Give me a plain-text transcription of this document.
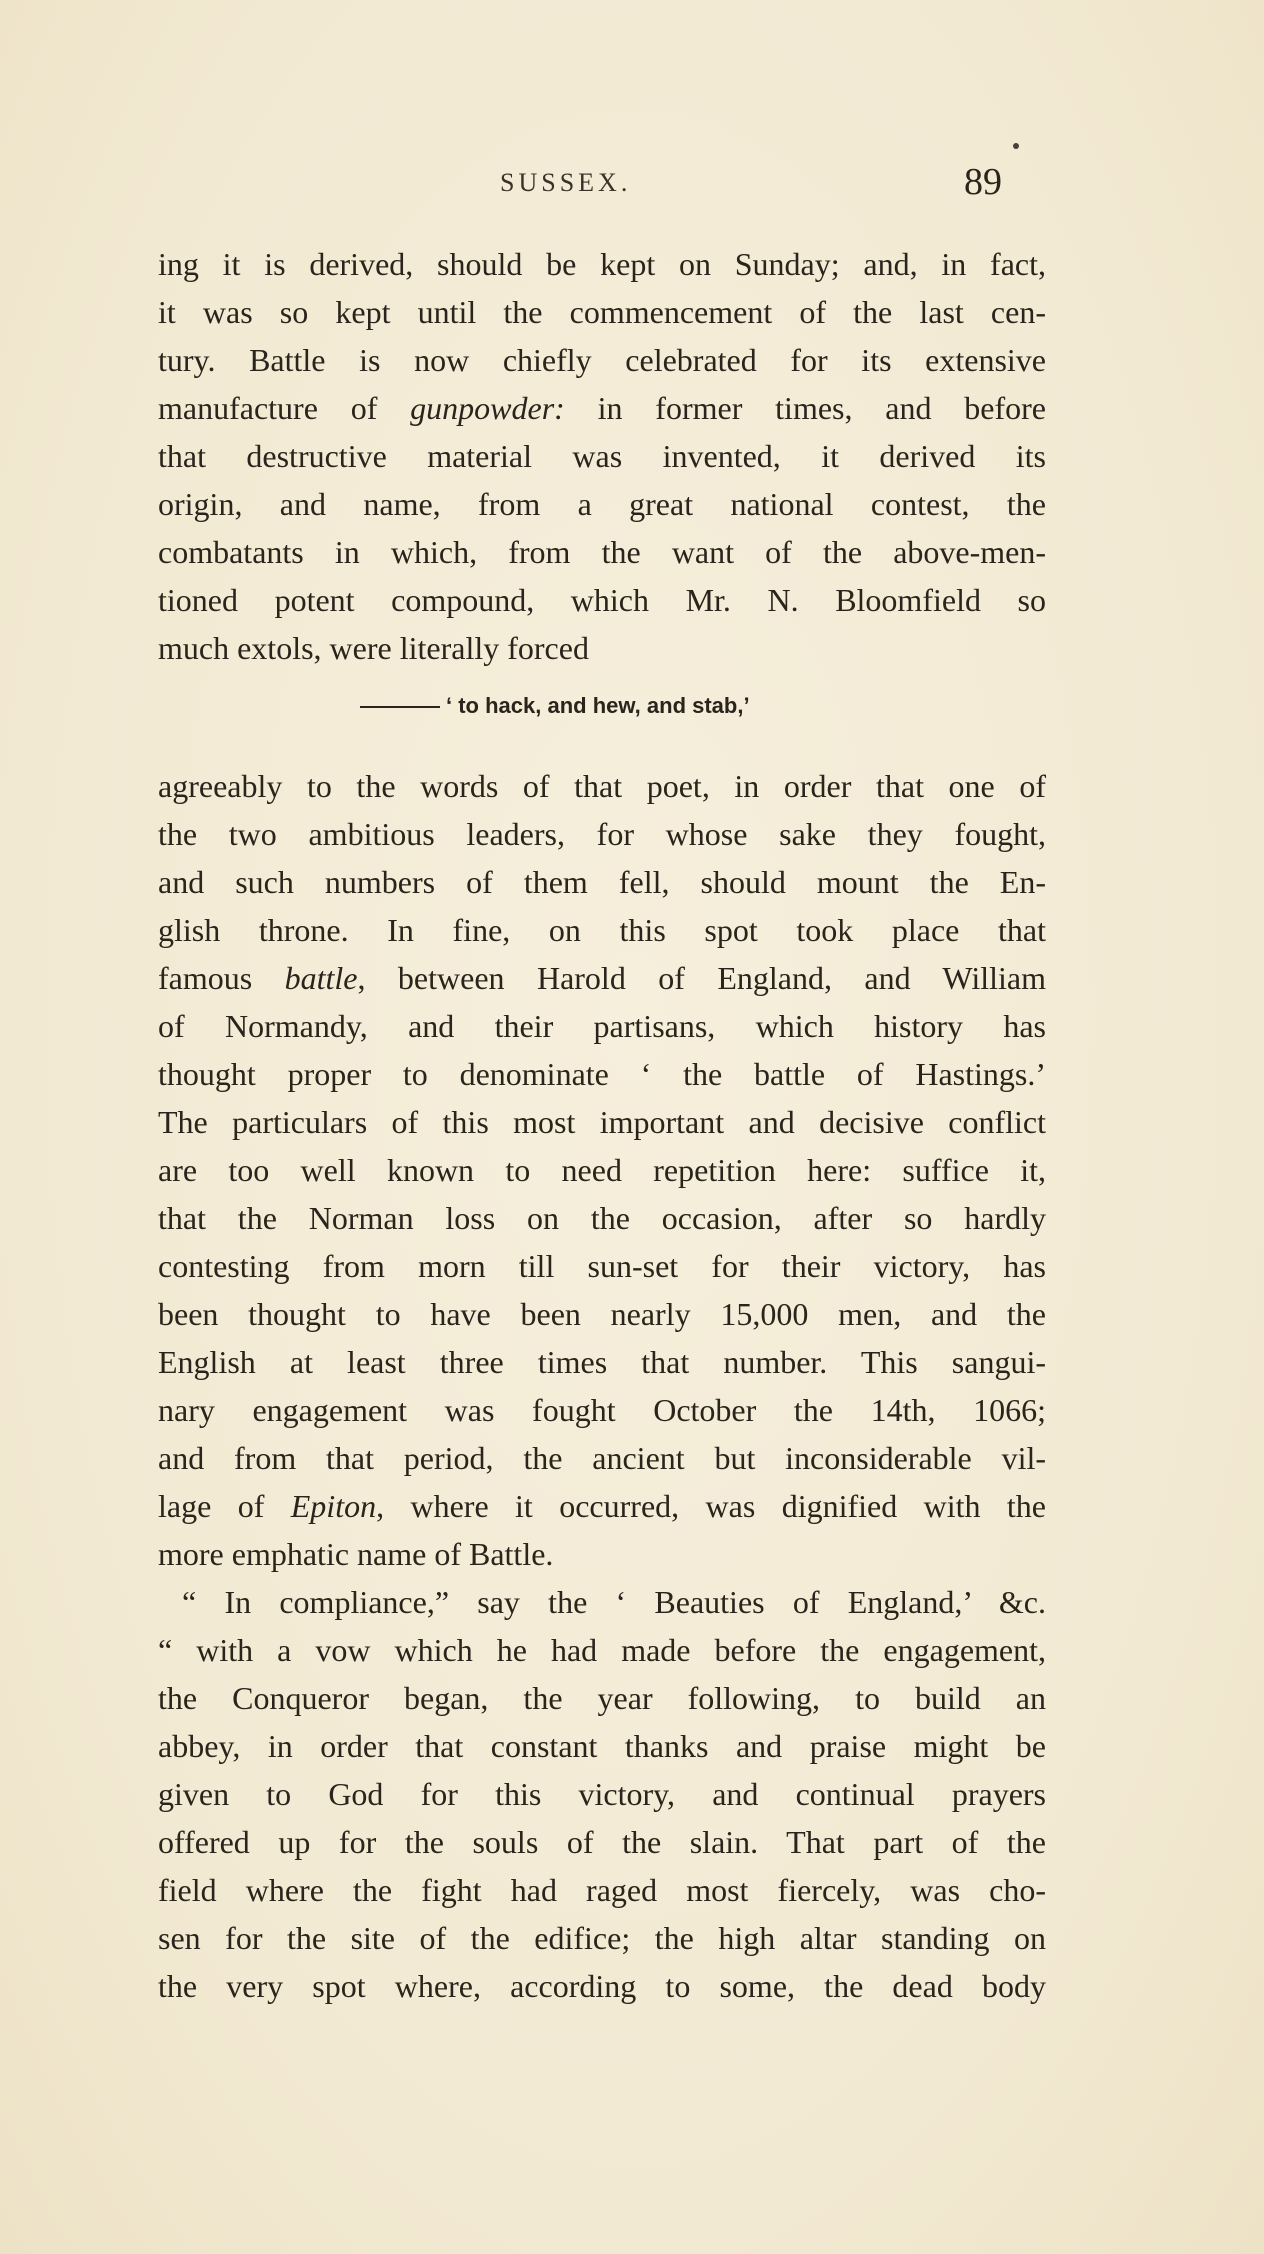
SUSSEX.	89
ing it is derived, should be kept on Sunday; and, in fact,
it was so kept until the commencement of the last cen-
tury. Battle is now chiefly celebrated for its extensive
manufacture of gunpowder: in former times, and before
that destructive material was invented, it derived its
origin, and name, from a great national contest, the
combatants in which, from the want of the above-men-
tioned potent compound, which Mr. N. Bloomfield so
much extols, were literally forced
‘ to hack, and hew, and stab,’
agreeably to the words of that poet, in order that one of
the two ambitious leaders, for whose sake they fought,
and such numbers of them fell, should mount the En-
glish throne. In fine, on this spot took place that
famous battle, between Harold of England, and William
of Normandy, and their partisans, which history has
thought proper to denominate ‘ the battle of Hastings.’
The particulars of this most important and decisive conflict
are too well known to need repetition here: suffice it,
that the Norman loss on the occasion, after so hardly
contesting from morn till sun-set for their victory, has
been thought to have been nearly 15,000 men, and the
English at least three times that number. This sangui-
nary engagement was fought October the 14th, 1066;
and from that period, the ancient but inconsiderable vil-
lage of Epiton, where it occurred, was dignified with the
more emphatic name of Battle.
“ In compliance,” say the ‘ Beauties of England,’ &c.
“ with a vow which he had made before the engagement,
the Conqueror began, the year following, to build an
abbey, in order that constant thanks and praise might be
given to God for this victory, and continual prayers
offered up for the souls of the slain. That part of the
field where the fight had raged most fiercely, was cho-
sen for the site of the edifice; the high altar standing on
the very spot where, according to some, the dead body
